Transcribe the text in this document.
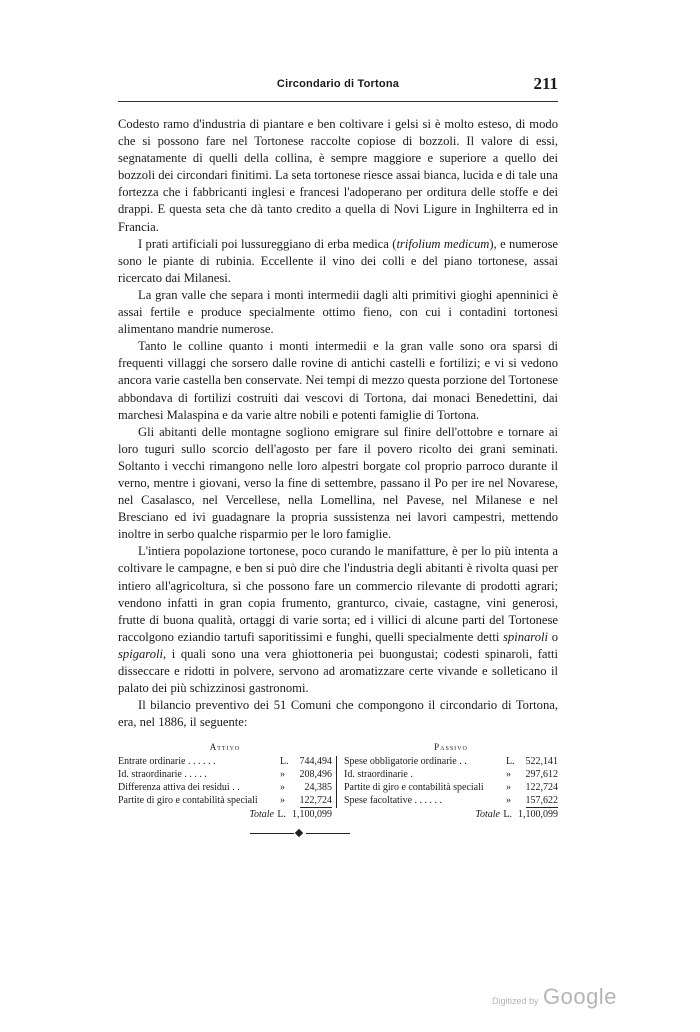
Circondario di Tortona	211

Codesto ramo d'industria di piantare e ben coltivare i gelsi si è molto esteso, di modo che si possono fare nel Tortonese raccolte copiose di bozzoli. Il valore di essi, segnatamente di quelli della collina, è sempre maggiore e superiore a quello dei bozzoli dei circondari finitimi. La seta tortonese riesce assai bianca, lucida e di tale una fortezza che i fabbricanti inglesi e francesi l'adoperano per orditura delle stoffe e dei drappi. E questa seta che dà tanto credito a quella di Novi Ligure in Inghilterra ed in Francia.

I prati artificiali poi lussureggiano di erba medica (trifolium medicum), e numerose sono le piante di rubinia. Eccellente il vino dei colli e del piano tortonese, assai ricercato dai Milanesi.

La gran valle che separa i monti intermedii dagli alti primitivi gioghi apenninici è assai fertile e produce specialmente ottimo fieno, con cui i contadini tortonesi alimentano mandrie numerose.

Tanto le colline quanto i monti intermedii e la gran valle sono ora sparsi di frequenti villaggi che sorsero dalle rovine di antichi castelli e fortilizi; e vi si vedono ancora varie castella ben conservate. Nei tempi di mezzo questa porzione del Tortonese abbondava di fortilizi costruiti dai vescovi di Tortona, dai monaci Benedettini, dai marchesi Malaspina e da varie altre nobili e potenti famiglie di Tortona.

Gli abitanti delle montagne sogliono emigrare sul finire dell'ottobre e tornare ai loro tuguri sullo scorcio dell'agosto per fare il povero ricolto dei grani seminati. Soltanto i vecchi rimangono nelle loro alpestri borgate col proprio parroco durante il verno, mentre i giovani, verso la fine di settembre, passano il Po per ire nel Novarese, nel Casalasco, nel Vercellese, nella Lomellina, nel Pavese, nel Milanese e nel Bresciano ed ivi guadagnare la propria sussistenza nei lavori campestri, mettendo inoltre in serbo qualche risparmio per le loro famiglie.

L'intiera popolazione tortonese, poco curando le manifatture, è per lo più intenta a coltivare le campagne, e ben si può dire che l'industria degli abitanti è rivolta quasi per intiero all'agricoltura, sì che possono fare un commercio rilevante di prodotti agrari; vendono infatti in gran copia frumento, granturco, civaie, castagne, vini generosi, frutte di buona qualità, ortaggi di varie sorta; ed i villici di alcune parti del Tortonese raccolgono eziandio tartufi saporitissimi e funghi, quelli specialmente detti spinaroli o spigaroli, i quali sono una vera ghiottoneria pei buongustai; codesti spinaroli, fatti disseccare e ridotti in polvere, servono ad aromatizzare certe vivande e solleticano il palato dei più schizzinosi gastronomi.

Il bilancio preventivo dei 51 Comuni che compongono il circondario di Tortona, era, nel 1886, il seguente:

Attivo
Entrate ordinarie . . . . . .	L. 744,494
Id. straordinarie . . . . .	» 208,496
Differenza attiva dei residui . .	» 24,385
Partite di giro e contabilità speciali » 122,724
Totale L. 1,100,099
Passivo
Spese obbligatorie ordinarie . .	L. 522,141
Id. straordinarie .	» 297,612
Partite di giro e contabilità speciali » 122,724
Spese facoltative . . . . . .	» 157,622
Totale L. 1,100,099
Digitized by Google
